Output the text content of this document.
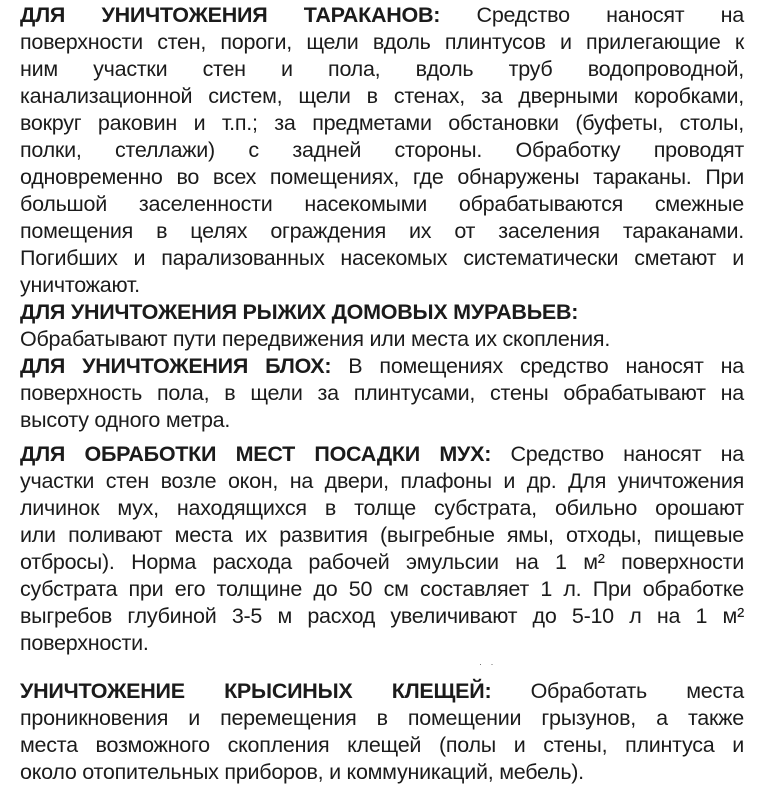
ДЛЯ УНИЧТОЖЕНИЯ ТАРАКАНОВ: Средство наносят на
поверхности стен, пороги, щели вдоль плинтусов и прилегающие к
ним участки стен и пола, вдоль труб водопроводной,
канализационной систем, щели в стенах, за дверными коробками,
вокруг раковин и т.п.; за предметами обстановки (буфеты, столы,
полки, стеллажи) с задней стороны. Обработку проводят
одновременно во всех помещениях, где обнаружены тараканы. При
большой заселенности насекомыми обрабатываются смежные
помещения в целях ограждения их от заселения тараканами.
Погибших и парализованных насекомых систематически сметают и
уничтожают.
ДЛЯ УНИЧТОЖЕНИЯ РЫЖИХ ДОМОВЫХ МУРАВЬЕВ:
Обрабатывают пути передвижения или места их скопления.
ДЛЯ УНИЧТОЖЕНИЯ БЛОХ: В помещениях средство наносят на
поверхность пола, в щели за плинтусами, стены обрабатывают на
высоту одного метра.
ДЛЯ ОБРАБОТКИ МЕСТ ПОСАДКИ МУХ: Средство наносят на
участки стен возле окон, на двери, плафоны и др. Для уничтожения
личинок мух, находящихся в толще субстрата, обильно орошают
или поливают места их развития (выгребные ямы, отходы, пищевые
отбросы). Норма расхода рабочей эмульсии на 1 м² поверхности
субстрата при его толщине до 50 см составляет 1 л. При обработке
выгребов глубиной 3-5 м расход увеличивают до 5-10 л на 1 м²
поверхности.
· ·
УНИЧТОЖЕНИЕ КРЫСИНЫХ КЛЕЩЕЙ: Обработать места
проникновения и перемещения в помещении грызунов, а также
места возможного скопления клещей (полы и стены, плинтуса и
около отопительных приборов, и коммуникаций, мебель).
